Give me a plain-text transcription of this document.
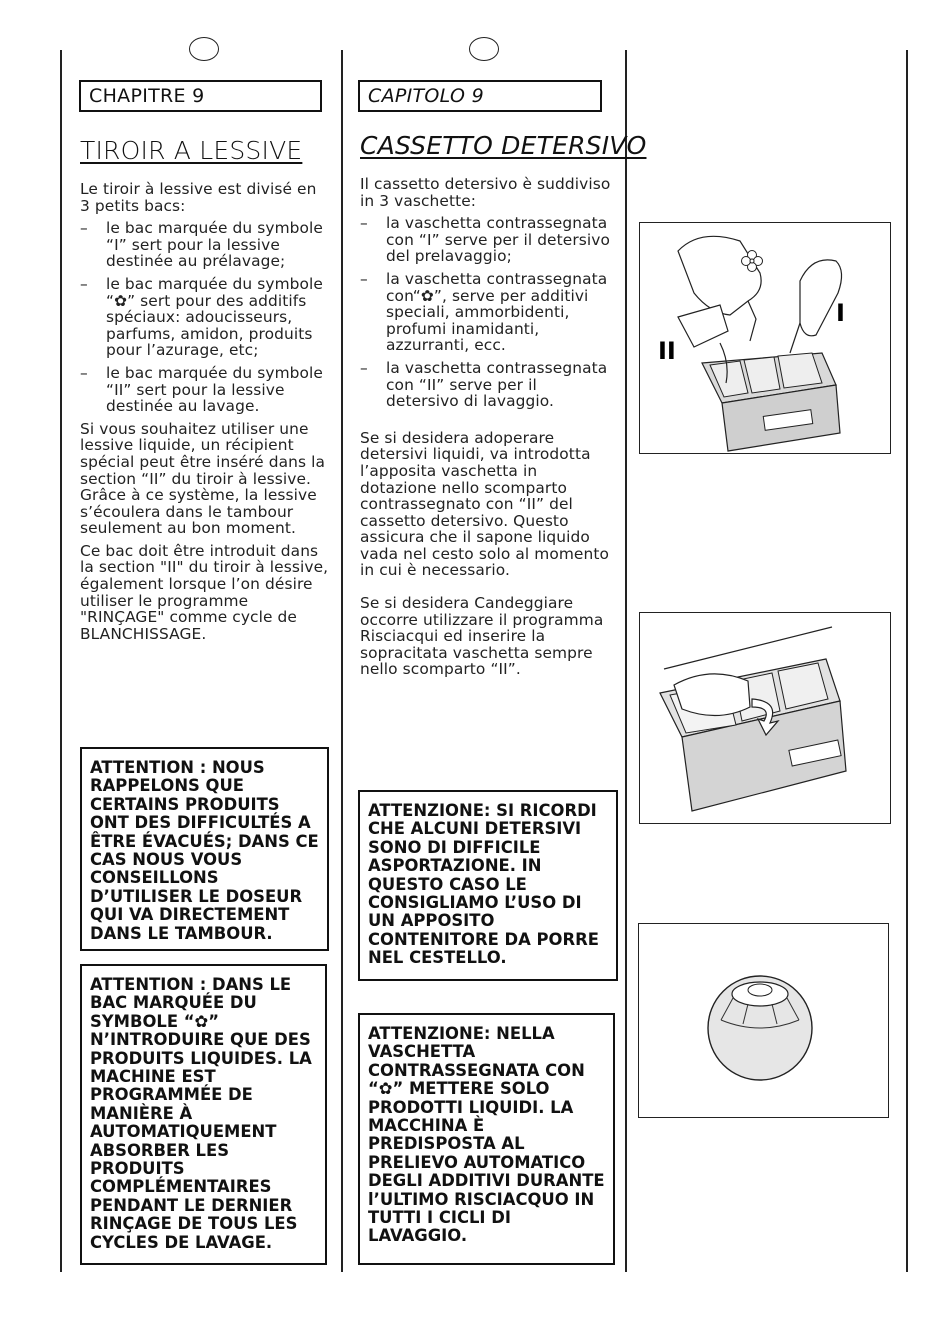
CHAPITRE 9
TIROIR A LESSIVE

Le tiroir à lessive est divisé en 3 petits bacs:

–	le bac marquée du symbole “I” sert pour la lessive destinée au prélavage;
–	le bac marquée du symbole “✿” sert pour des additifs spéciaux: adoucisseurs, parfums, amidon, produits pour l’azurage, etc;
–	le bac marquée du symbole “II” sert pour la lessive destinée au lavage.

Si vous souhaitez utiliser une lessive liquide, un récipient spécial peut être inséré dans la section “II” du tiroir à lessive. Grâce à ce système, la lessive s’écoulera dans le tambour seulement au bon moment.

Ce bac doit être introduit dans la section "II" du tiroir à lessive, également lorsque l’on désire utiliser le programme "RINÇAGE" comme cycle de BLANCHISSAGE.

ATTENTION : NOUS RAPPELONS QUE CERTAINS PRODUITS ONT DES DIFFICULTÉS A ÊTRE ÉVACUÉS; DANS CE CAS NOUS VOUS CONSEILLONS D’UTILISER LE DOSEUR QUI VA DIRECTEMENT DANS LE TAMBOUR.
ATTENTION : DANS LE BAC MARQUÉE DU SYMBOLE “✿” N’INTRODUIRE QUE DES PRODUITS LIQUIDES. LA MACHINE EST PROGRAMMÉE DE MANIÈRE À AUTOMATIQUEMENT ABSORBER LES PRODUITS COMPLÉMENTAIRES PENDANT LE DERNIER RINÇAGE DE TOUS LES CYCLES DE LAVAGE.
CAPITOLO 9
CASSETTO DETERSIVO

Il cassetto detersivo è suddiviso in 3 vaschette:

–	la vaschetta contrassegnata con “I” serve per il detersivo del prelavaggio;
–	la vaschetta contrassegnata con“✿”, serve per additivi speciali, ammorbidenti, profumi inamidanti, azzurranti, ecc.
–	la vaschetta contrassegnata con “II” serve per il detersivo di lavaggio.

Se si desidera adoperare detersivi liquidi, va introdotta l’apposita vaschetta in dotazione nello scomparto contrassegnato con “II” del cassetto detersivo. Questo assicura che il sapone liquido vada nel cesto solo al momento in cui è necessario.

Se si desidera Candeggiare occorre utilizzare il programma Risciacqui ed inserire la sopracitata vaschetta sempre nello scomparto “II”.

ATTENZIONE: SI RICORDI CHE ALCUNI DETERSIVI SONO DI DIFFICILE ASPORTAZIONE. IN QUESTO CASO LE CONSIGLIAMO L’USO DI UN APPOSITO CONTENITORE DA PORRE NEL CESTELLO.
ATTENZIONE: NELLA VASCHETTA CONTRASSEGNATA CON “✿” METTERE SOLO PRODOTTI LIQUIDI. LA MACCHINA È PREDISPOSTA AL PRELIEVO AUTOMATICO DEGLI ADDITIVI DURANTE l’ULTIMO RISCIACQUO IN TUTTI I CICLI DI LAVAGGIO.
I
II
